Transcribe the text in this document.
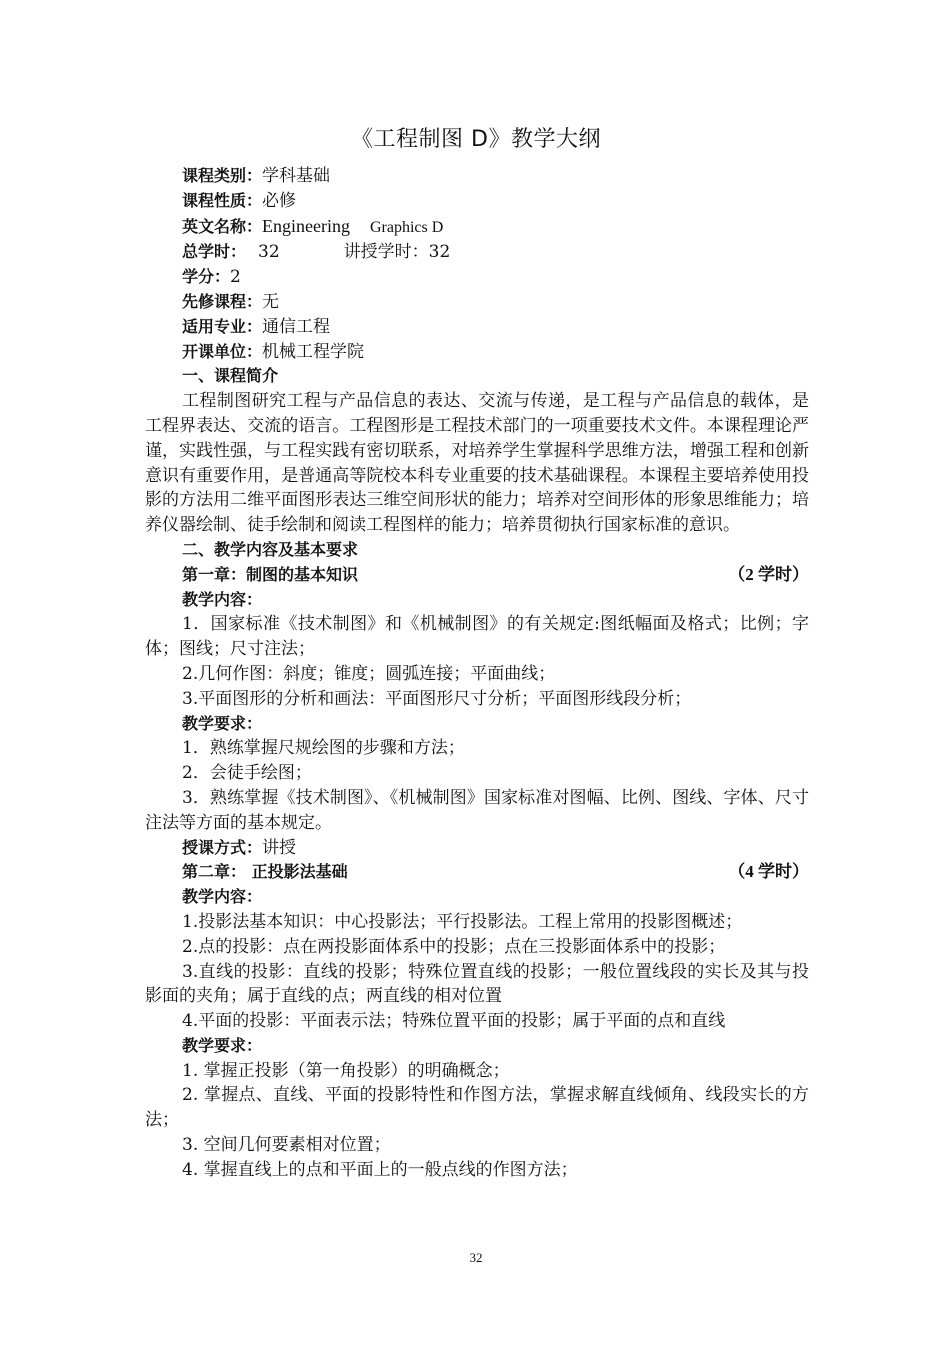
《工程制图 D》教学大纲
课程类别：学科基础
课程性质：必修
英文名称：Engineering Graphics D
总学时： 32	讲授学时：32
学分：2
先修课程：无
适用专业：通信工程
开课单位：机械工程学院
一、课程简介
工程制图研究工程与产品信息的表达、交流与传递，是工程与产品信息的载体，是工程界表达、交流的语言。工程图形是工程技术部门的一项重要技术文件。本课程理论严谨，实践性强，与工程实践有密切联系，对培养学生掌握科学思维方法，增强工程和创新意识有重要作用，是普通高等院校本科专业重要的技术基础课程。本课程主要培养使用投影的方法用二维平面图形表达三维空间形状的能力；培养对空间形体的形象思维能力；培养仪器绘制、徒手绘制和阅读工程图样的能力；培养贯彻执行国家标准的意识。
二、教学内容及基本要求
第一章：制图的基本知识	（2 学时）
教学内容：
1．国家标准《技术制图》和《机械制图》的有关规定:图纸幅面及格式；比例；字体；图线；尺寸注法；
2.几何作图：斜度；锥度；圆弧连接；平面曲线；
3.平面图形的分析和画法：平面图形尺寸分析；平面图形线段分析；
教学要求：
1．熟练掌握尺规绘图的步骤和方法；
2．会徒手绘图；
3．熟练掌握《技术制图》、《机械制图》国家标准对图幅、比例、图线、字体、尺寸注法等方面的基本规定。
授课方式：讲授
第二章： 正投影法基础	（4 学时）
教学内容：
1.投影法基本知识：中心投影法；平行投影法。工程上常用的投影图概述；
2.点的投影：点在两投影面体系中的投影；点在三投影面体系中的投影；
3.直线的投影：直线的投影；特殊位置直线的投影；一般位置线段的实长及其与投影面的夹角；属于直线的点；两直线的相对位置
4.平面的投影：平面表示法；特殊位置平面的投影；属于平面的点和直线
教学要求：
1. 掌握正投影（第一角投影）的明确概念；
2. 掌握点、直线、平面的投影特性和作图方法，掌握求解直线倾角、线段实长的方法；
3. 空间几何要素相对位置；
4. 掌握直线上的点和平面上的一般点线的作图方法；
32
